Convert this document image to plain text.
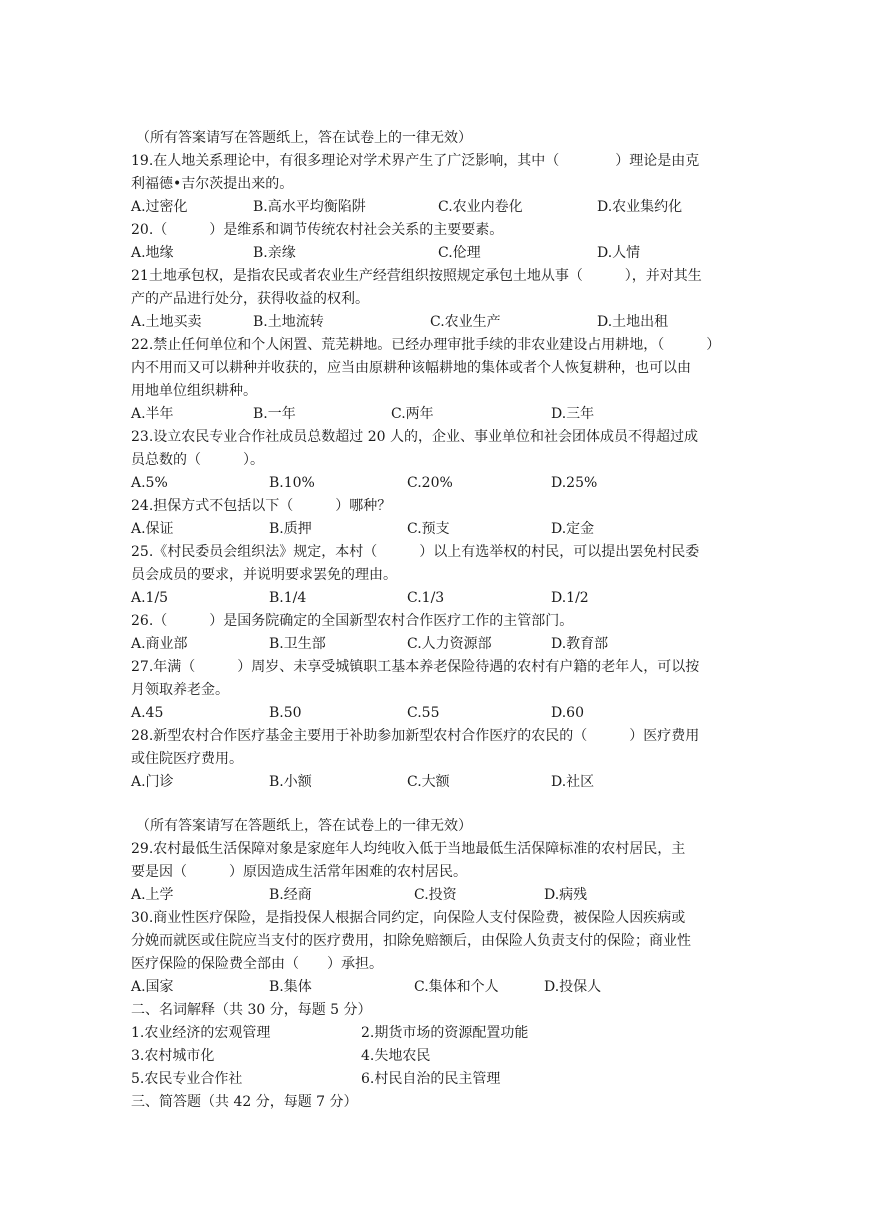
（所有答案请写在答题纸上，答在试卷上的一律无效）
19.在人地关系理论中，有很多理论对学术界产生了广泛影响，其中（　　　　）理论是由克
利福德•吉尔茨提出来的。
A.过密化	B.高水平均衡陷阱	C.农业内卷化	D.农业集约化
20.（　　　）是维系和调节传统农村社会关系的主要要素。
A.地缘	B.亲缘	C.伦理	D.人情
21土地承包权，是指农民或者农业生产经营组织按照规定承包土地从事（　　　），并对其生
产的产品进行处分，获得收益的权利。
A.土地买卖	B.土地流转	C.农业生产	D.土地出租
22.禁止任何单位和个人闲置、荒芜耕地。已经办理审批手续的非农业建设占用耕地，（　　　）
内不用而又可以耕种并收获的，应当由原耕种该幅耕地的集体或者个人恢复耕种，也可以由
用地单位组织耕种。
A.半年	B.一年	C.两年	D.三年
23.设立农民专业合作社成员总数超过 20 人的，企业、事业单位和社会团体成员不得超过成
员总数的（　　　）。
A.5%	B.10%	C.20%	D.25%
24.担保方式不包括以下（　　　）哪种？
A.保证	B.质押	C.预支	D.定金
25.《村民委员会组织法》规定，本村（　　　）以上有选举权的村民，可以提出罢免村民委
员会成员的要求，并说明要求罢免的理由。
A.1/5	B.1/4	C.1/3	D.1/2
26.（　　　）是国务院确定的全国新型农村合作医疗工作的主管部门。
A.商业部	B.卫生部	C.人力资源部	D.教育部
27.年满（　　　）周岁、未享受城镇职工基本养老保险待遇的农村有户籍的老年人，可以按
月领取养老金。
A.45	B.50	C.55	D.60
28.新型农村合作医疗基金主要用于补助参加新型农村合作医疗的农民的（　　　）医疗费用
或住院医疗费用。
A.门诊	B.小额	C.大额	D.社区
（所有答案请写在答题纸上，答在试卷上的一律无效）
29.农村最低生活保障对象是家庭年人均纯收入低于当地最低生活保障标准的农村居民，主
要是因（　　　）原因造成生活常年困难的农村居民。
A.上学	B.经商	C.投资	D.病残
30.商业性医疗保险，是指投保人根据合同约定，向保险人支付保险费，被保险人因疾病或
分娩而就医或住院应当支付的医疗费用，扣除免赔额后，由保险人负责支付的保险；商业性
医疗保险的保险费全部由（　　）承担。
A.国家	B.集体	C.集体和个人	D.投保人
二、名词解释（共 30 分，每题 5 分）
1.农业经济的宏观管理	2.期货市场的资源配置功能
3.农村城市化	4.失地农民
5.农民专业合作社	6.村民自治的民主管理
三、简答题（共 42 分，每题 7 分）
